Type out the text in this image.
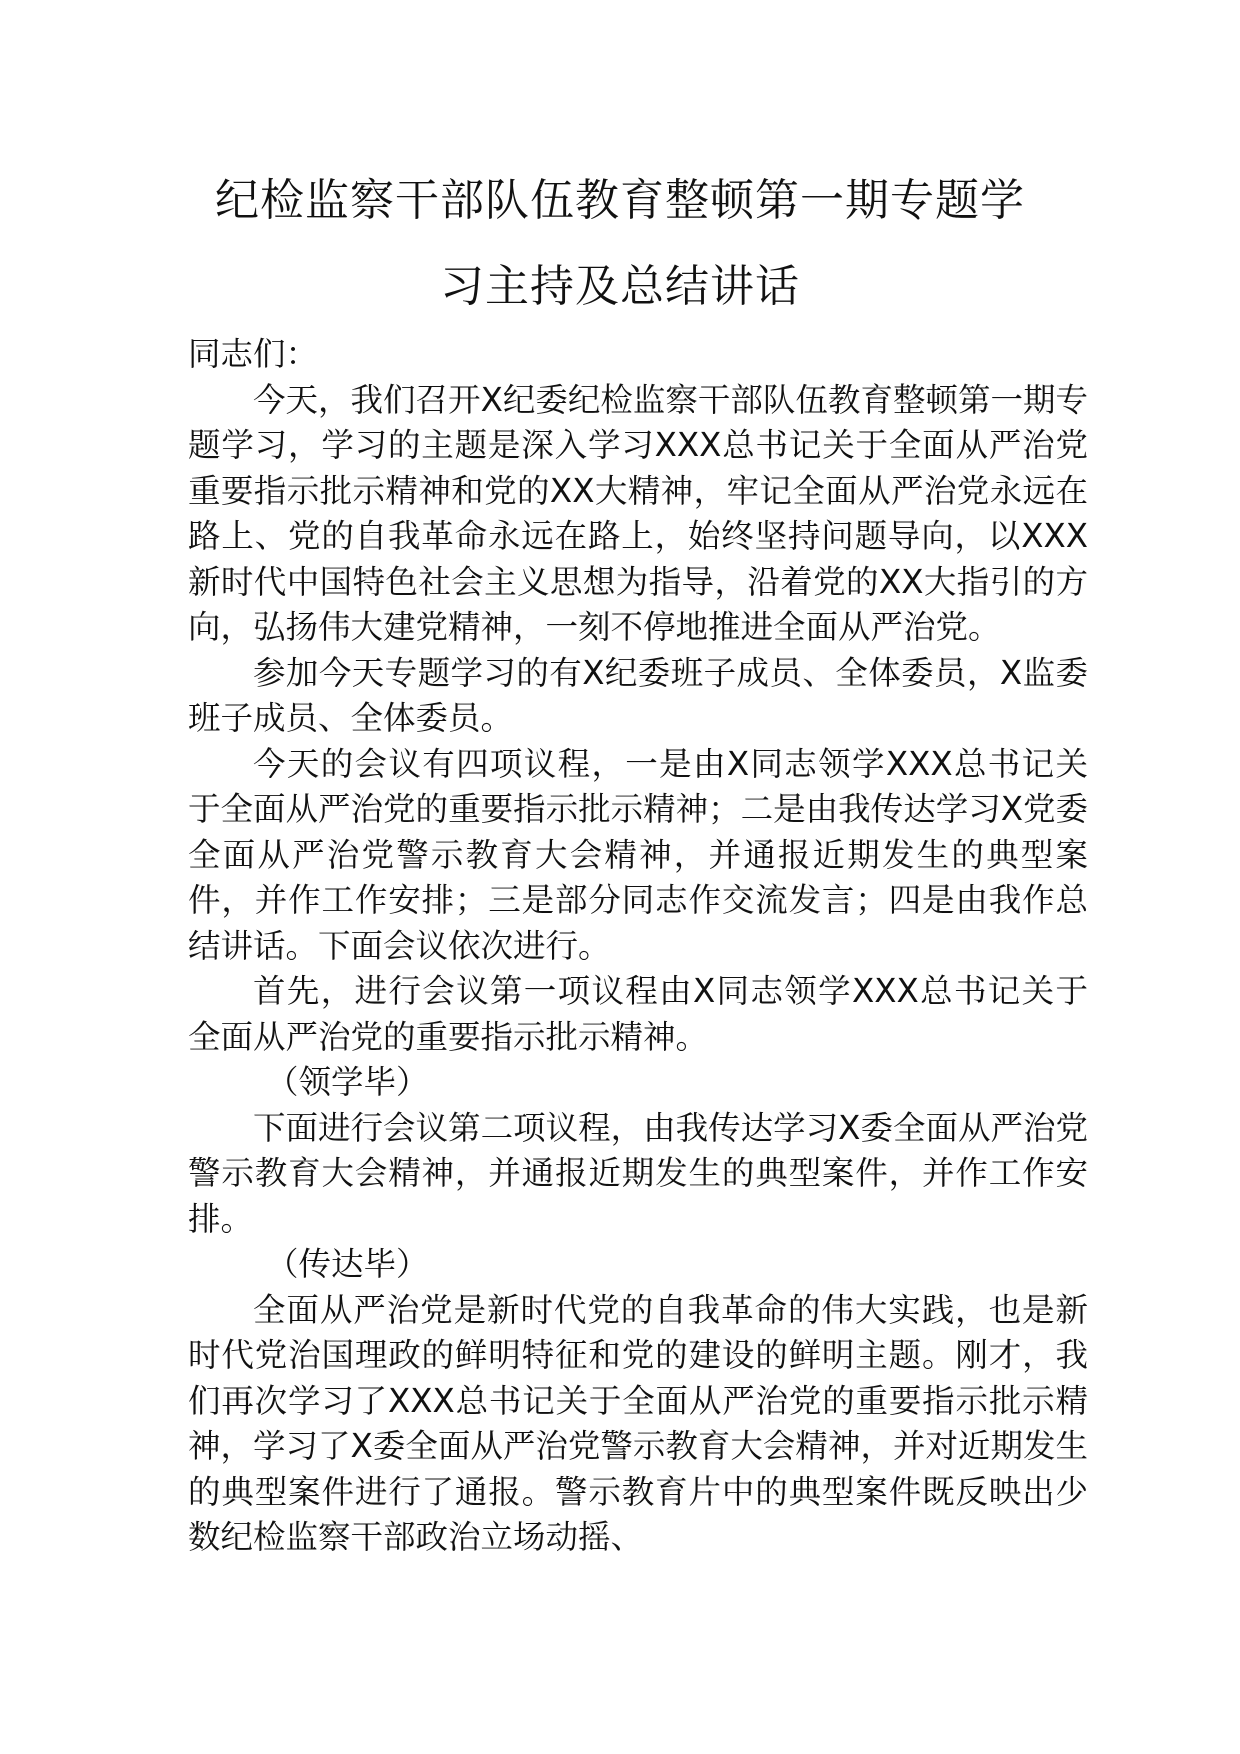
纪检监察干部队伍教育整顿第一期专题学
习主持及总结讲话

同志们：

今天，我们召开X纪委纪检监察干部队伍教育整顿第一期专题学习，学习的主题是深入学习XXX总书记关于全面从严治党重要指示批示精神和党的XX大精神，牢记全面从严治党永远在路上、党的自我革命永远在路上，始终坚持问题导向，以XXX新时代中国特色社会主义思想为指导，沿着党的XX大指引的方向，弘扬伟大建党精神，一刻不停地推进全面从严治党。

参加今天专题学习的有X纪委班子成员、全体委员，X监委班子成员、全体委员。

今天的会议有四项议程，一是由X同志领学XXX总书记关于全面从严治党的重要指示批示精神；二是由我传达学习X党委全面从严治党警示教育大会精神，并通报近期发生的典型案件，并作工作安排；三是部分同志作交流发言；四是由我作总结讲话。下面会议依次进行。

首先，进行会议第一项议程由X同志领学XXX总书记关于全面从严治党的重要指示批示精神。

（领学毕）

下面进行会议第二项议程，由我传达学习X委全面从严治党警示教育大会精神，并通报近期发生的典型案件，并作工作安排。

（传达毕）

全面从严治党是新时代党的自我革命的伟大实践，也是新时代党治国理政的鲜明特征和党的建设的鲜明主题。刚才，我们再次学习了XXX总书记关于全面从严治党的重要指示批示精神，学习了X委全面从严治党警示教育大会精神，并对近期发生的典型案件进行了通报。警示教育片中的典型案件既反映出少数纪检监察干部政治立场动摇、
